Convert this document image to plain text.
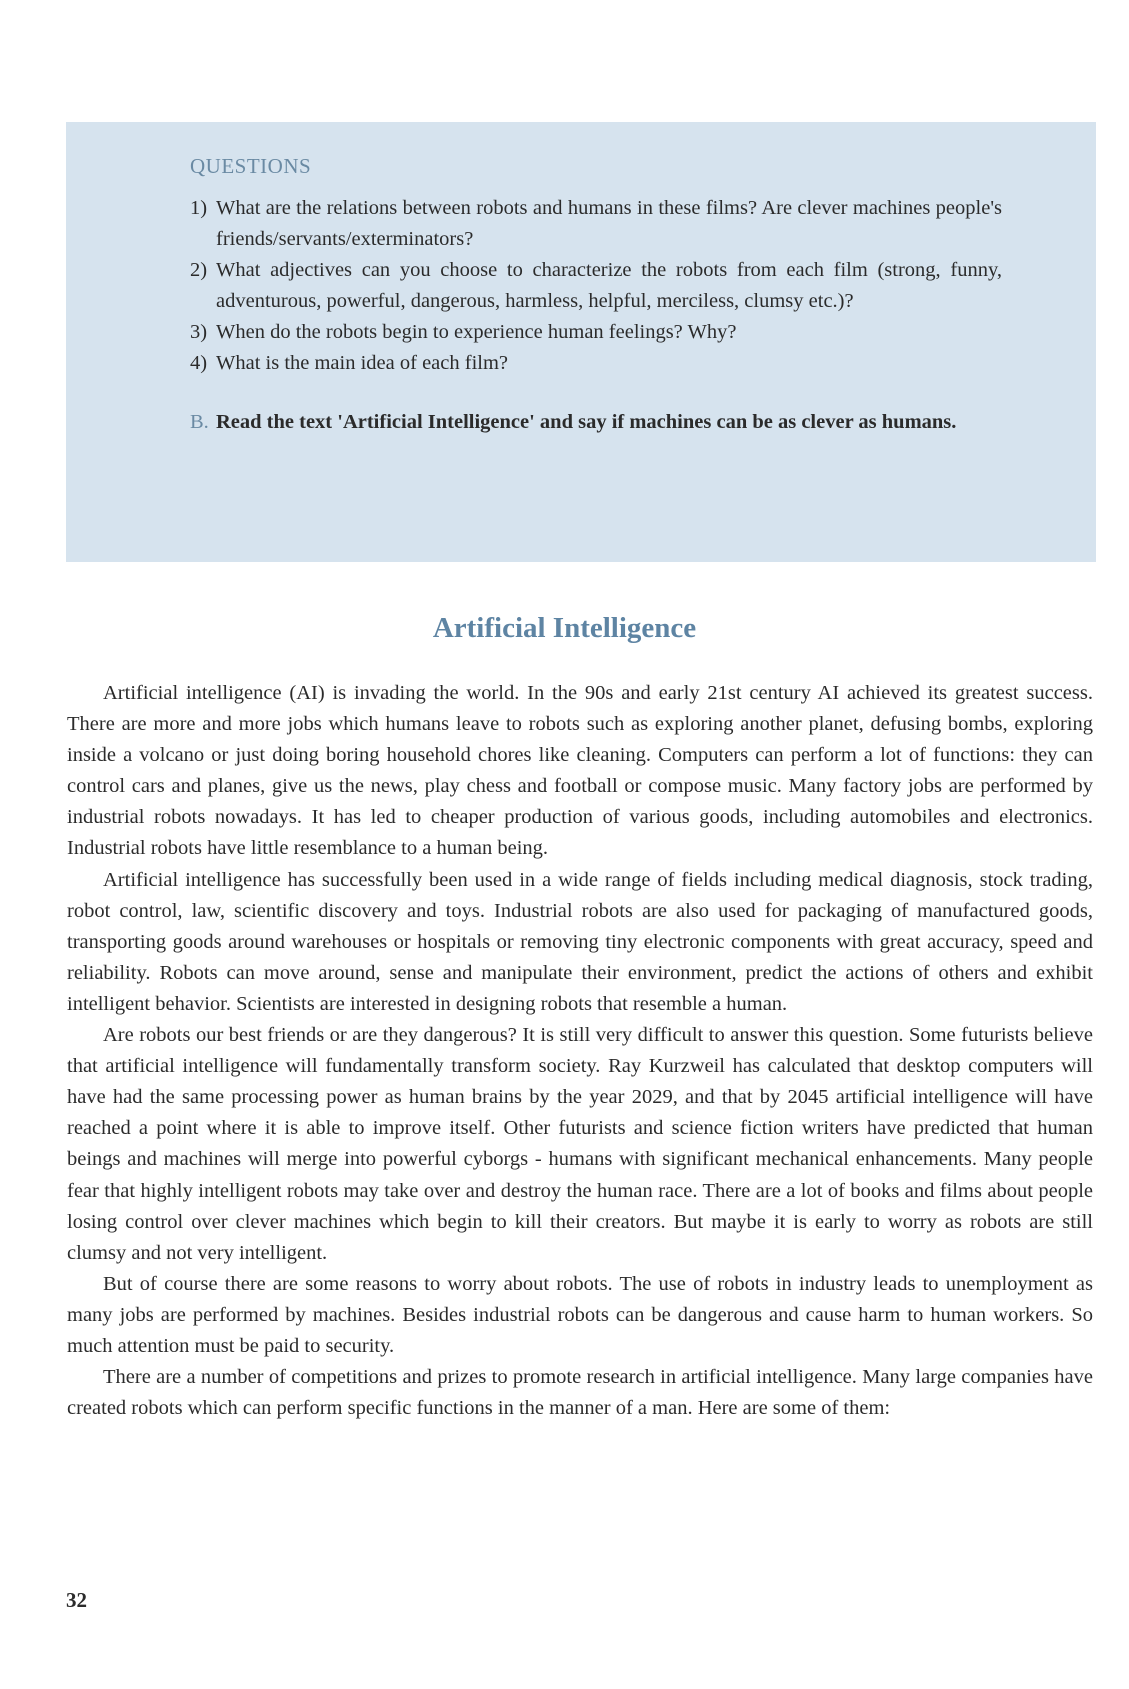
QUESTIONS
1) What are the relations between robots and humans in these films? Are clever machines people's friends/servants/exterminators?
2) What adjectives can you choose to characterize the robots from each film (strong, funny, adventurous, powerful, dangerous, harmless, helpful, merciless, clumsy etc.)?
3) When do the robots begin to experience human feelings? Why?
4) What is the main idea of each film?
B. Read the text 'Artificial Intelligence' and say if machines can be as clever as humans.
Artificial Intelligence

Artificial intelligence (AI) is invading the world. In the 90s and early 21st century AI achieved its greatest success. There are more and more jobs which humans leave to robots such as exploring another planet, defusing bombs, exploring inside a volcano or just doing boring household chores like cleaning. Computers can perform a lot of functions: they can control cars and planes, give us the news, play chess and football or compose music. Many factory jobs are performed by industrial robots nowadays. It has led to cheaper production of various goods, including automobiles and electronics. Industrial robots have little resemblance to a human being.

Artificial intelligence has successfully been used in a wide range of fields including medical diagnosis, stock trading, robot control, law, scientific discovery and toys. Industrial robots are also used for packaging of manufactured goods, transporting goods around warehouses or hospitals or removing tiny electronic components with great accuracy, speed and reliability. Robots can move around, sense and manipulate their environment, predict the actions of others and exhibit intelligent behavior. Scientists are interested in designing robots that resemble a human.

Are robots our best friends or are they dangerous? It is still very difficult to answer this question. Some futurists believe that artificial intelligence will fundamentally transform society. Ray Kurzweil has calculated that desktop computers will have had the same processing power as human brains by the year 2029, and that by 2045 artificial intelligence will have reached a point where it is able to improve itself. Other futurists and science fiction writers have predicted that human beings and machines will merge into powerful cyborgs - humans with significant mechanical enhancements. Many people fear that highly intelligent robots may take over and destroy the human race. There are a lot of books and films about people losing control over clever machines which begin to kill their creators. But maybe it is early to worry as robots are still clumsy and not very intelligent.

But of course there are some reasons to worry about robots. The use of robots in industry leads to unemployment as many jobs are performed by machines. Besides industrial robots can be dangerous and cause harm to human workers. So much attention must be paid to security.

There are a number of competitions and prizes to promote research in artificial intelligence. Many large companies have created robots which can perform specific functions in the manner of a man. Here are some of them:

32
